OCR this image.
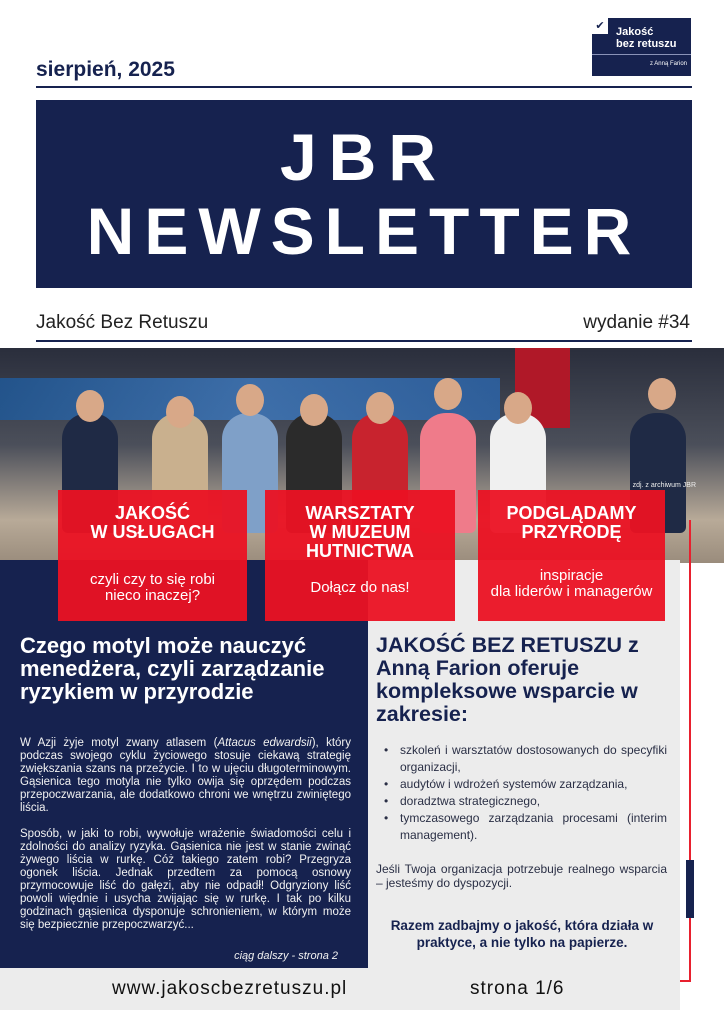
sierpień, 2025
✔	Jakość
bez retuszu
z Anną Farion
JBR
NEWSLETTER
Jakość Bez Retuszu	wydanie #34
zdj. z archiwum JBR
JAKOŚĆ
W USŁUGACH
czyli czy to się robi
nieco inaczej?
WARSZTATY
W MUZEUM
HUTNICTWA
Dołącz do nas!
PODGLĄDAMY
PRZYRODĘ
inspiracje
dla liderów i managerów
Czego motyl może nauczyć menedżera, czyli zarządzanie ryzykiem w przyrodzie

W Azji żyje motyl zwany atlasem (Attacus edwardsii), który podczas swojego cyklu życiowego stosuje ciekawą strategię zwiększania szans na przeżycie. I to w ujęciu długoterminowym. Gąsienica tego motyla nie tylko owija się oprzędem podczas przepoczwarzania, ale dodatkowo chroni we wnętrzu zwiniętego liścia.

Sposób, w jaki to robi, wywołuje wrażenie świadomości celu i zdolności do analizy ryzyka. Gąsienica nie jest w stanie zwinąć żywego liścia w rurkę. Cóż takiego zatem robi? Przegryza ogonek liścia. Jednak przedtem za pomocą osnowy przymocowuje liść do gałęzi, aby nie odpadł! Odgryziony liść powoli więdnie i usycha zwijając się w rurkę. I tak po kilku godzinach gąsienica dysponuje schronieniem, w którym może się bezpiecznie przepoczwarzyć...

ciąg dalszy - strona 2
JAKOŚĆ BEZ RETUSZU z Anną Farion oferuje kompleksowe wsparcie w zakresie:
• szkoleń i warsztatów dostosowanych do specyfiki organizacji,
• audytów i wdrożeń systemów zarządzania,
• doradztwa strategicznego,
• tymczasowego zarządzania procesami (interim management).
Jeśli Twoja organizacja potrzebuje realnego wsparcia – jesteśmy do dyspozycji.
Razem zadbajmy o jakość, która działa w praktyce, a nie tylko na papierze.
www.jakoscbezretuszu.pl	strona 1/6
